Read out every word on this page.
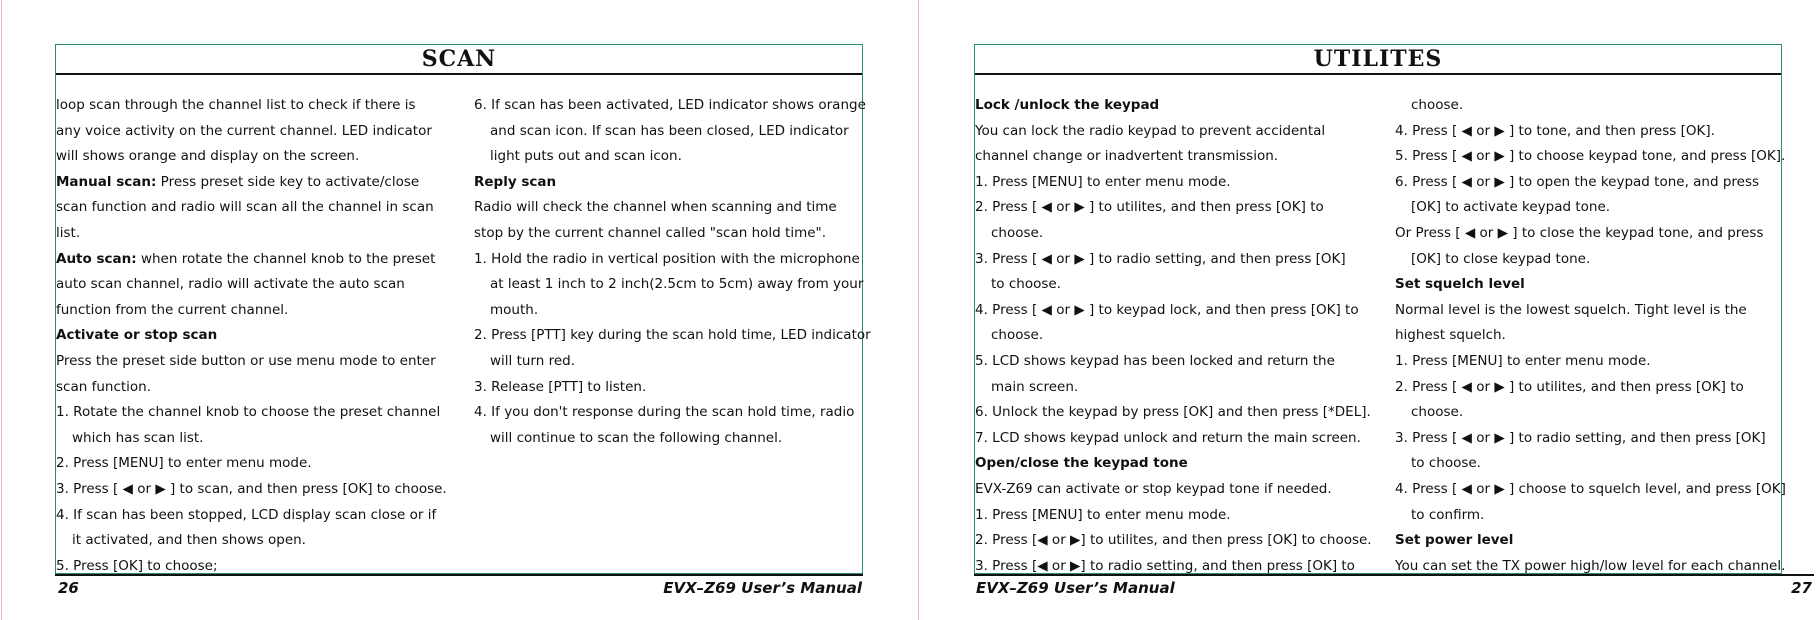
SCAN
loop scan through the channel list to check if there is
any voice activity on the current channel. LED indicator
will shows orange and display on the screen.
Manual scan: Press preset side key to activate/close
scan function and radio will scan all the channel in scan
list.
Auto scan: when rotate the channel knob to the preset
auto scan channel, radio will activate the auto scan
function from the current channel.
Activate or stop scan
Press the preset side button or use menu mode to enter
scan function.
1. Rotate the channel knob to choose the preset channel
which has scan list.
2. Press [MENU] to enter menu mode.
3. Press [ ◀ or ▶ ] to scan, and then press [OK] to choose.
4. If scan has been stopped, LCD display scan close or if
it activated, and then shows open.
5. Press [OK] to choose;
6. If scan has been activated, LED indicator shows orange
and scan icon. If scan has been closed, LED indicator
light puts out and scan icon.
Reply scan
Radio will check the channel when scanning and time
stop by the current channel called "scan hold time".
1. Hold the radio in vertical position with the microphone
at least 1 inch to 2 inch(2.5cm to 5cm) away from your
mouth.
2. Press [PTT] key during the scan hold time, LED indicator
will turn red.
3. Release [PTT] to listen.
4. If you don't response during the scan hold time, radio
will continue to scan the following channel.
26	EVX–Z69 User’s Manual
UTILITES
Lock /unlock the keypad
You can lock the radio keypad to prevent accidental
channel change or inadvertent transmission.
1. Press [MENU] to enter menu mode.
2. Press [ ◀ or ▶ ] to utilites, and then press [OK] to
choose.
3. Press [ ◀ or ▶ ] to radio setting, and then press [OK]
to choose.
4. Press [ ◀ or ▶ ] to keypad lock, and then press [OK] to
choose.
5. LCD shows keypad has been locked and return the
main screen.
6. Unlock the keypad by press [OK] and then press [*DEL].
7. LCD shows keypad unlock and return the main screen.
Open/close the keypad tone
EVX-Z69 can activate or stop keypad tone if needed.
1. Press [MENU] to enter menu mode.
2. Press [◀ or ▶] to utilites, and then press [OK] to choose.
3. Press [◀ or ▶] to radio setting, and then press [OK] to
choose.
4. Press [ ◀ or ▶ ] to tone, and then press [OK].
5. Press [ ◀ or ▶ ] to choose keypad tone, and press [OK].
6. Press [ ◀ or ▶ ] to open the keypad tone, and press
[OK] to activate keypad tone.
Or Press [ ◀ or ▶ ] to close the keypad tone, and press
[OK] to close keypad tone.
Set squelch level
Normal level is the lowest squelch. Tight level is the
highest squelch.
1. Press [MENU] to enter menu mode.
2. Press [ ◀ or ▶ ] to utilites, and then press [OK] to
choose.
3. Press [ ◀ or ▶ ] to radio setting, and then press [OK]
to choose.
4. Press [ ◀ or ▶ ] choose to squelch level, and press [OK]
to confirm.
Set power level
You can set the TX power high/low level for each channel.
EVX–Z69 User’s Manual	27
